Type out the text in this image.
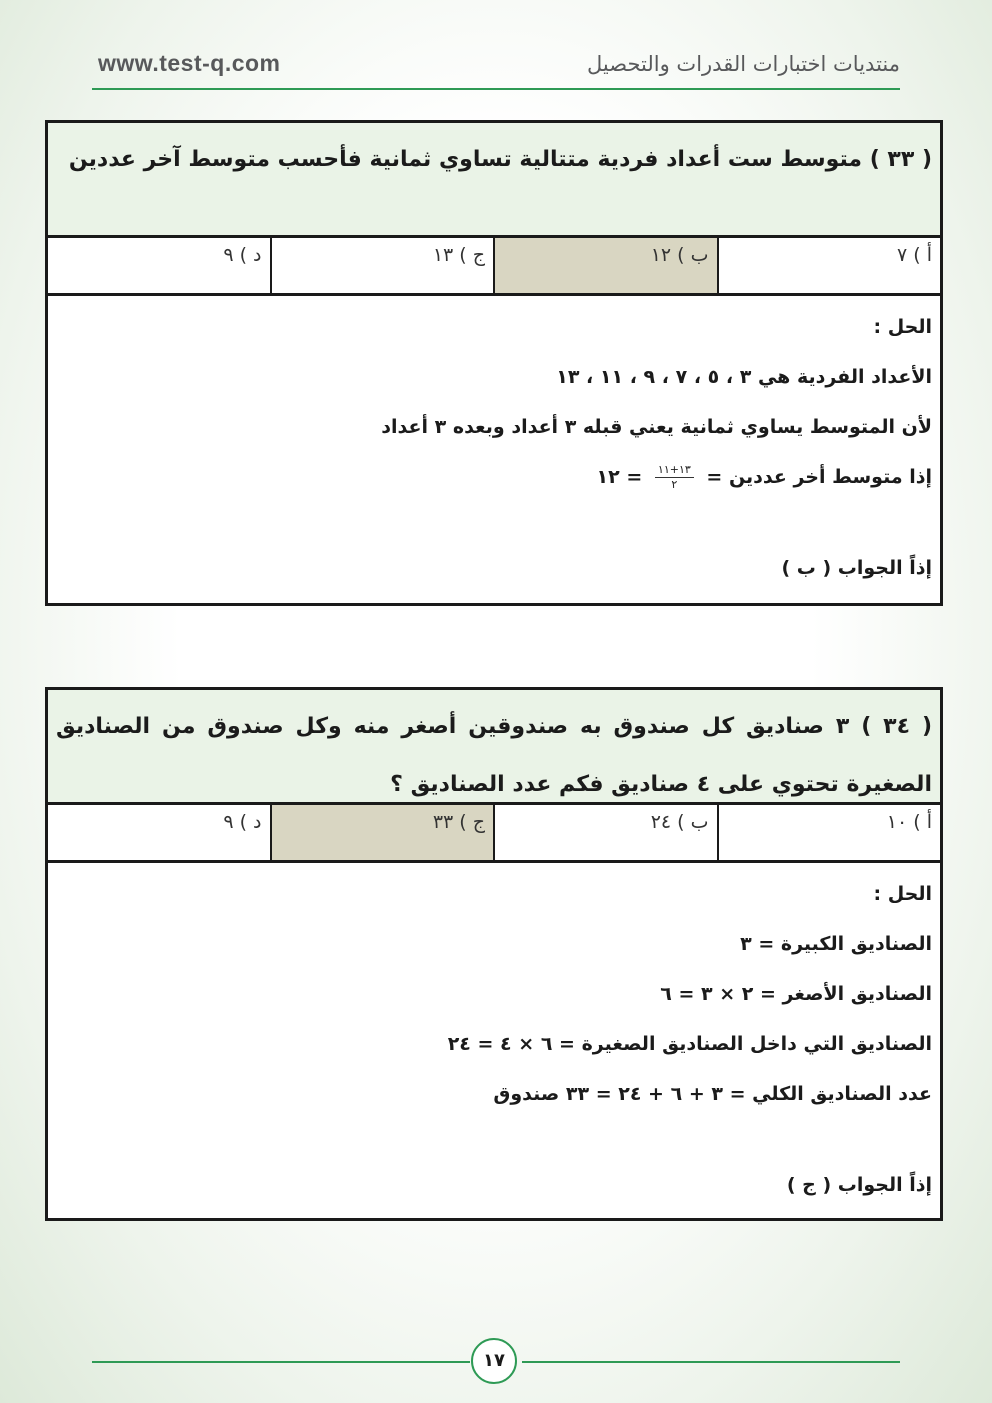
www.test-q.com	منتديات اختبارات القدرات والتحصيل

( ٣٣ ) متوسط ست أعداد فردية متتالية تساوي ثمانية فأحسب متوسط آخر عددين

أ ) ٧
ب ) ١٢
ج ) ١٣
د ) ٩

الحل :

الأعداد الفردية هي ٣ ، ٥ ، ٧ ، ٩ ، ١١ ، ١٣

لأن المتوسط يساوي ثمانية يعني قبله ٣ أعداد وبعده ٣ أعداد

إذا متوسط أخر عددين =
$\frac{١٣+١١}{٢}$
= ١٢

إذاً الجواب ( ب )

( ٣٤ ) ٣ صناديق كل صندوق به صندوقين أصغر منه وكل صندوق من الصناديق الصغيرة تحتوي على ٤ صناديق فكم عدد الصناديق ؟

أ ) ١٠
ب ) ٢٤
ج ) ٣٣
د ) ٩

الحل :

الصناديق الكبيرة = ٣

الصناديق الأصغر = ٢ × ٣ = ٦

الصناديق التي داخل الصناديق الصغيرة = ٦ × ٤ = ٢٤

عدد الصناديق الكلي = ٣ + ٦ + ٢٤ = ٣٣ صندوق

إذاً الجواب ( ج )

١٧
